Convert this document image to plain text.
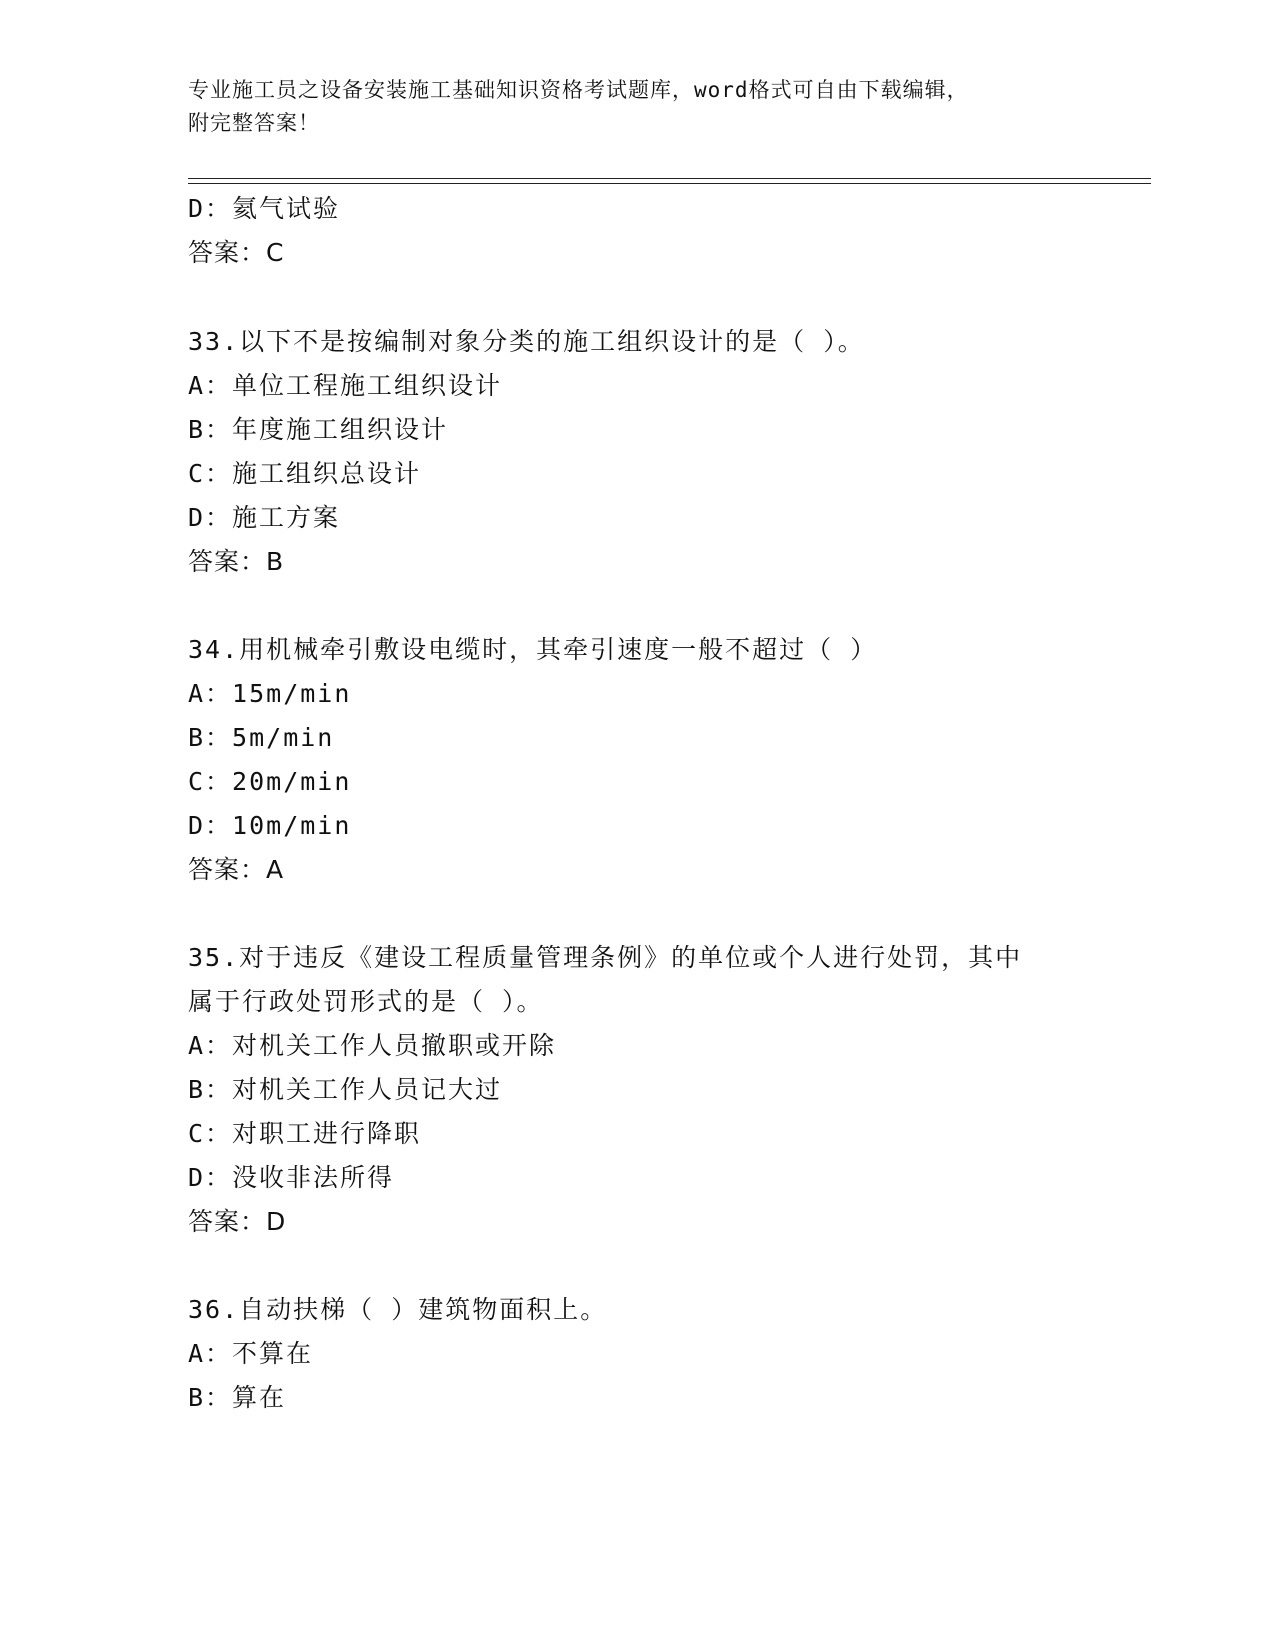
专业施工员之设备安装施工基础知识资格考试题库，word格式可自由下载编辑，
附完整答案！
D：氦气试验
答案：C
33.以下不是按编制对象分类的施工组织设计的是（ ）。
A：单位工程施工组织设计
B：年度施工组织设计
C：施工组织总设计
D：施工方案
答案：B
34.用机械牵引敷设电缆时，其牵引速度一般不超过（ ）
A：15m/min
B：5m/min
C：20m/min
D：10m/min
答案：A
35.对于违反《建设工程质量管理条例》的单位或个人进行处罚，其中
属于行政处罚形式的是（ ）。
A：对机关工作人员撤职或开除
B：对机关工作人员记大过
C：对职工进行降职
D：没收非法所得
答案：D
36.自动扶梯（ ）建筑物面积上。
A：不算在
B：算在
